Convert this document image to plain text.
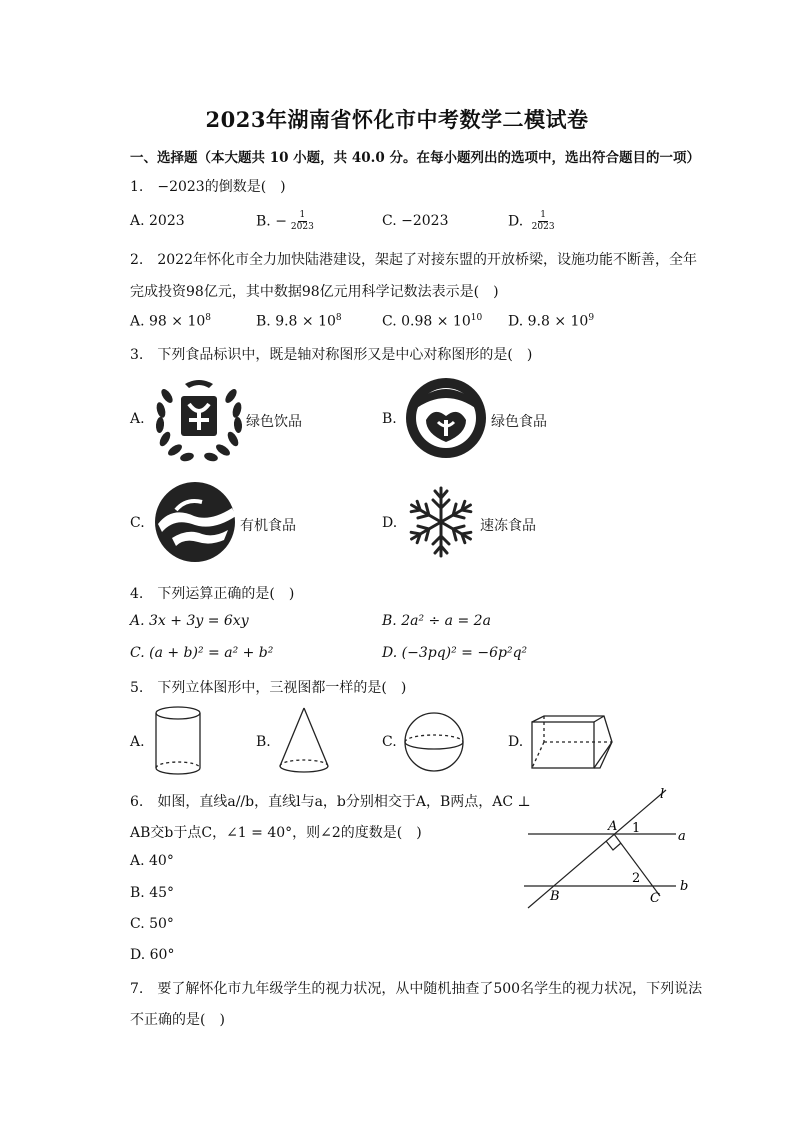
2023年湖南省怀化市中考数学二模试卷
一、选择题（本大题共 10 小题，共 40.0 分。在每小题列出的选项中，选出符合题目的一项）
1.　−2023的倒数是(　)
A. 2023	B. − $\frac{1}{2023}$	C. −2023	D. $\frac{1}{2023}$
2.　2022年怀化市全力加快陆港建设，架起了对接东盟的开放桥梁，设施功能不断善，全年
完成投资98亿元，其中数据98亿元用科学记数法表示是(　)
A. $98 \times 10^8$	B. $9.8 \times 10^8$	C. $0.98 \times 10^{10}$ D. $9.8 \times 10^9$
3.　下列食品标识中，既是轴对称图形又是中心对称图形的是(　)
A.	绿色饮品	B.	绿色食品
C.	有机食品	D.	速冻食品
4.　下列运算正确的是(　)
A. 3x + 3y = 6xy	B. 2a² ÷ a = 2a
C. (a + b)² = a² + b²	D. (−3pq)² = −6p²q²
5.　下列立体图形中，三视图都一样的是(　)
A.	B.	C.	D.
6.　如图，直线a//b，直线l与a，b分别相交于A，B两点，AC ⊥
AB交b于点C，∠1 = 40°，则∠2的度数是(　)
A. 40°
B. 45°
C. 50°
D. 60°
l
a
b
A
B	C
1
2
7.　要了解怀化市九年级学生的视力状况，从中随机抽查了500名学生的视力状况，下列说法
不正确的是(　)
